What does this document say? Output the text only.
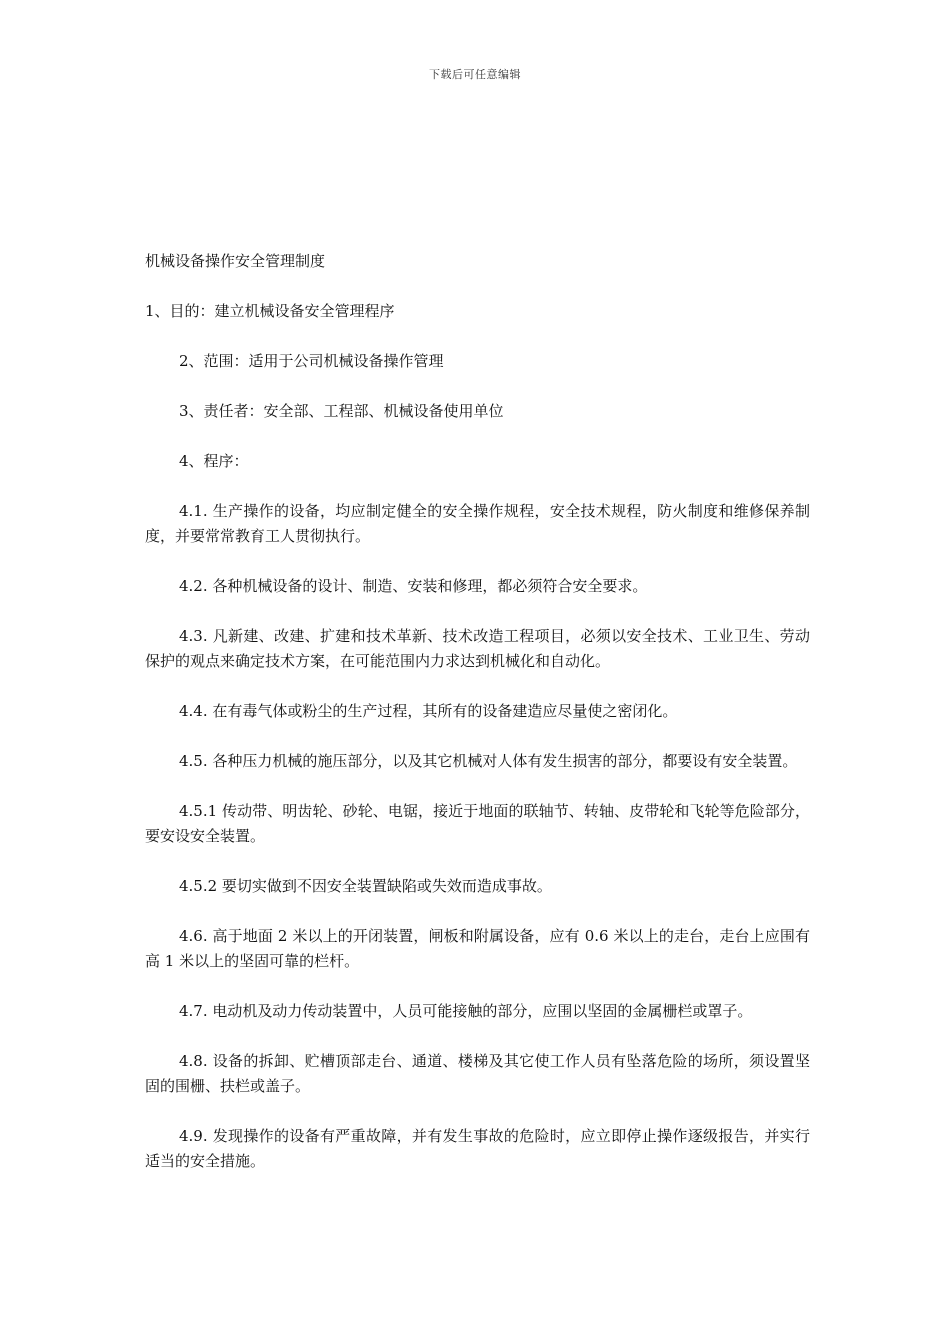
下载后可任意编辑
机械设备操作安全管理制度

1、目的：建立机械设备安全管理程序

2、范围：适用于公司机械设备操作管理

3、责任者：安全部、工程部、机械设备使用单位

4、程序：

4.1. 生产操作的设备，均应制定健全的安全操作规程，安全技术规程，防火制度和维修保养制度，并要常常教育工人贯彻执行。

4.2. 各种机械设备的设计、制造、安装和修理，都必须符合安全要求。

4.3. 凡新建、改建、扩建和技术革新、技术改造工程项目，必须以安全技术、工业卫生、劳动保护的观点来确定技术方案，在可能范围内力求达到机械化和自动化。

4.4. 在有毒气体或粉尘的生产过程，其所有的设备建造应尽量使之密闭化。

4.5. 各种压力机械的施压部分，以及其它机械对人体有发生损害的部分，都要设有安全装置。

4.5.1 传动带、明齿轮、砂轮、电锯，接近于地面的联轴节、转轴、皮带轮和飞轮等危险部分，要安设安全装置。

4.5.2 要切实做到不因安全装置缺陷或失效而造成事故。

4.6. 高于地面 2 米以上的开闭装置，闸板和附属设备，应有 0.6 米以上的走台，走台上应围有高 1 米以上的坚固可靠的栏杆。

4.7. 电动机及动力传动装置中，人员可能接触的部分，应围以坚固的金属栅栏或罩子。

4.8. 设备的拆卸、贮槽顶部走台、通道、楼梯及其它使工作人员有坠落危险的场所，须设置坚固的围栅、扶栏或盖子。

4.9. 发现操作的设备有严重故障，并有发生事故的危险时，应立即停止操作逐级报告，并实行适当的安全措施。
